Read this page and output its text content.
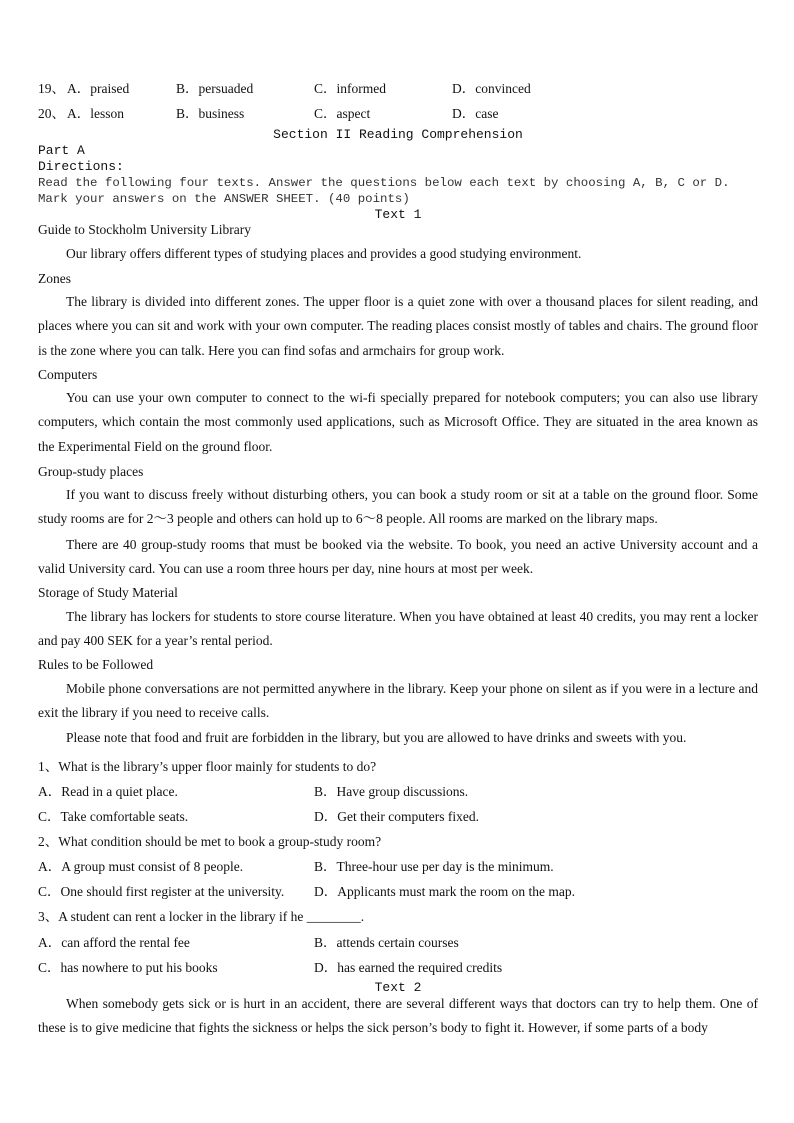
19、 A．praised	B．persuaded	C．informed	D．convinced
20、 A．lesson	B．business	C．aspect	D．case
Section II Reading Comprehension
Part A
Directions:

Read the following four texts. Answer the questions below each text by choosing A, B, C or D. Mark your answers on the ANSWER SHEET. (40 points)

Text 1
Guide to Stockholm University Library

Our library offers different types of studying places and provides a good studying environment.

Zones

The library is divided into different zones. The upper floor is a quiet zone with over a thousand places for silent reading, and places where you can sit and work with your own computer. The reading places consist mostly of tables and chairs. The ground floor is the zone where you can talk. Here you can find sofas and armchairs for group work.

Computers

You can use your own computer to connect to the wi-fi specially prepared for notebook computers; you can also use library computers, which contain the most commonly used applications, such as Microsoft Office. They are situated in the area known as the Experimental Field on the ground floor.

Group-study places

If you want to discuss freely without disturbing others, you can book a study room or sit at a table on the ground floor. Some study rooms are for 2～3 people and others can hold up to 6～8 people. All rooms are marked on the library maps.

There are 40 group-study rooms that must be booked via the website. To book, you need an active University account and a valid University card. You can use a room three hours per day, nine hours at most per week.

Storage of Study Material

The library has lockers for students to store course literature. When you have obtained at least 40 credits, you may rent a locker and pay 400 SEK for a year’s rental period.

Rules to be Followed

Mobile phone conversations are not permitted anywhere in the library. Keep your phone on silent as if you were in a lecture and exit the library if you need to receive calls.

Please note that food and fruit are forbidden in the library, but you are allowed to have drinks and sweets with you.

1、What is the library’s upper floor mainly for students to do?
A．Read in a quiet place.	B．Have group discussions.
C．Take comfortable seats.	D．Get their computers fixed.
2、What condition should be met to book a group-study room?
A．A group must consist of 8 people.	B．Three-hour use per day is the minimum.
C．One should first register at the university. D．Applicants must mark the room on the map.
3、A student can rent a locker in the library if he ________.
A．can afford the rental fee	B．attends certain courses
C．has nowhere to put his books	D．has earned the required credits
Text 2

When somebody gets sick or is hurt in an accident, there are several different ways that doctors can try to help them. One of these is to give medicine that fights the sickness or helps the sick person’s body to fight it. However, if some parts of a body
